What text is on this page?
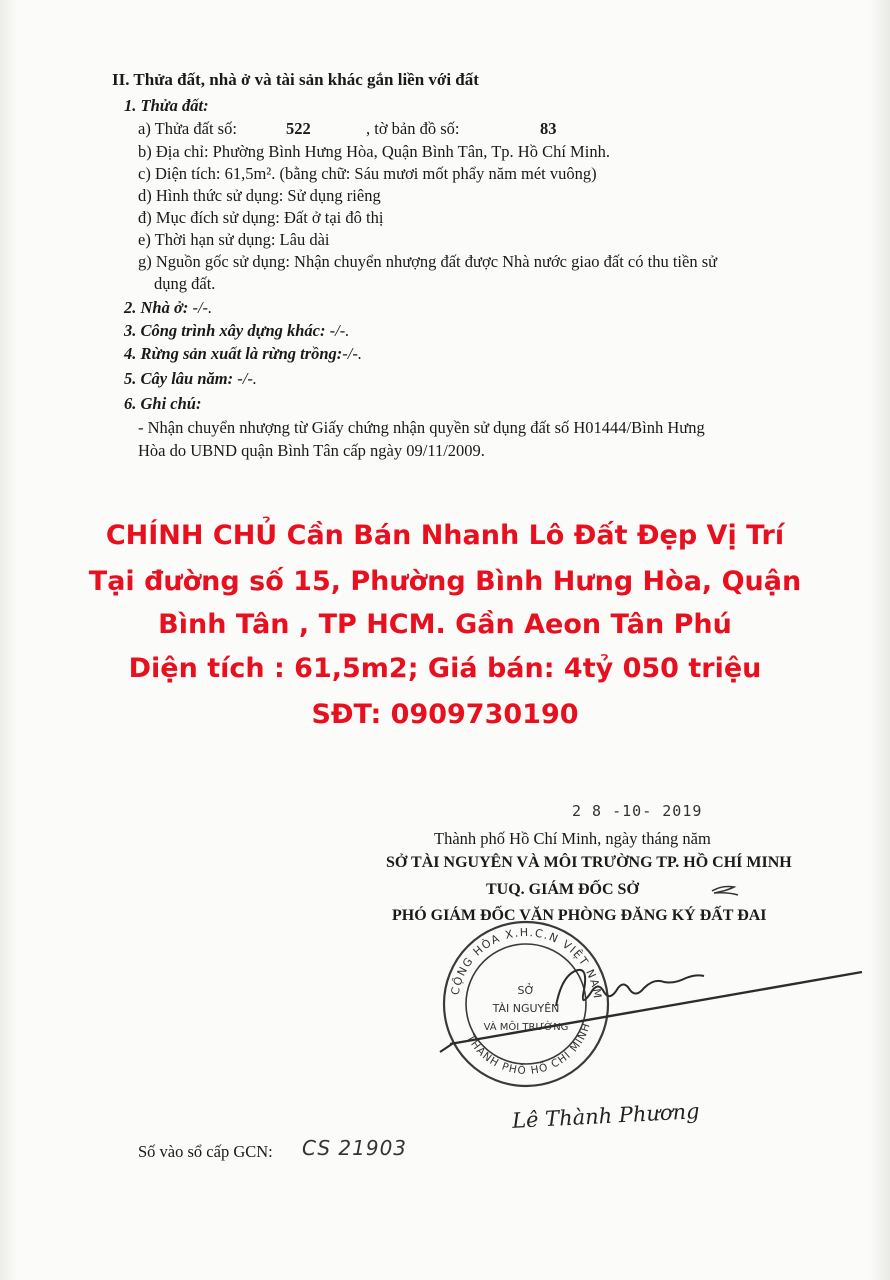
II. Thửa đất, nhà ở và tài sản khác gắn liền với đất
1. Thửa đất:
a) Thửa đất số:	522	, tờ bản đồ số:	83
b) Địa chỉ: Phường Bình Hưng Hòa, Quận Bình Tân, Tp. Hồ Chí Minh.
c) Diện tích: 61,5m². (bằng chữ: Sáu mươi mốt phẩy năm mét vuông)
d) Hình thức sử dụng: Sử dụng riêng
đ) Mục đích sử dụng: Đất ở tại đô thị
e) Thời hạn sử dụng: Lâu dài
g) Nguồn gốc sử dụng: Nhận chuyển nhượng đất được Nhà nước giao đất có thu tiền sử
dụng đất.
2. Nhà ở: -/-.
3. Công trình xây dựng khác: -/-.
4. Rừng sản xuất là rừng trồng:-/-.
5. Cây lâu năm: -/-.
6. Ghi chú:
- Nhận chuyển nhượng từ Giấy chứng nhận quyền sử dụng đất số H01444/Bình Hưng
Hòa do UBND quận Bình Tân cấp ngày 09/11/2009.
CHÍNH CHỦ Cần Bán Nhanh Lô Đất Đẹp Vị Trí
Tại đường số 15, Phường Bình Hưng Hòa, Quận
Bình Tân , TP HCM. Gần Aeon Tân Phú
Diện tích : 61,5m2; Giá bán: 4tỷ 050 triệu
SĐT: 0909730190
2 8 -10- 2019
Thành phố Hồ Chí Minh, ngày tháng năm
SỞ TÀI NGUYÊN VÀ MÔI TRƯỜNG TP. HỒ CHÍ MINH
TUQ. GIÁM ĐỐC SỞ
PHÓ GIÁM ĐỐC VĂN PHÒNG ĐĂNG KÝ ĐẤT ĐAI
CỘNG HÒA X.H.C.N VIỆT NAM
THÀNH PHỐ HỒ CHÍ MINH
SỞ
TÀI NGUYÊN
VÀ MÔI TRƯỜNG
Lê Thành Phương
Số vào sổ cấp GCN: CS 21903
